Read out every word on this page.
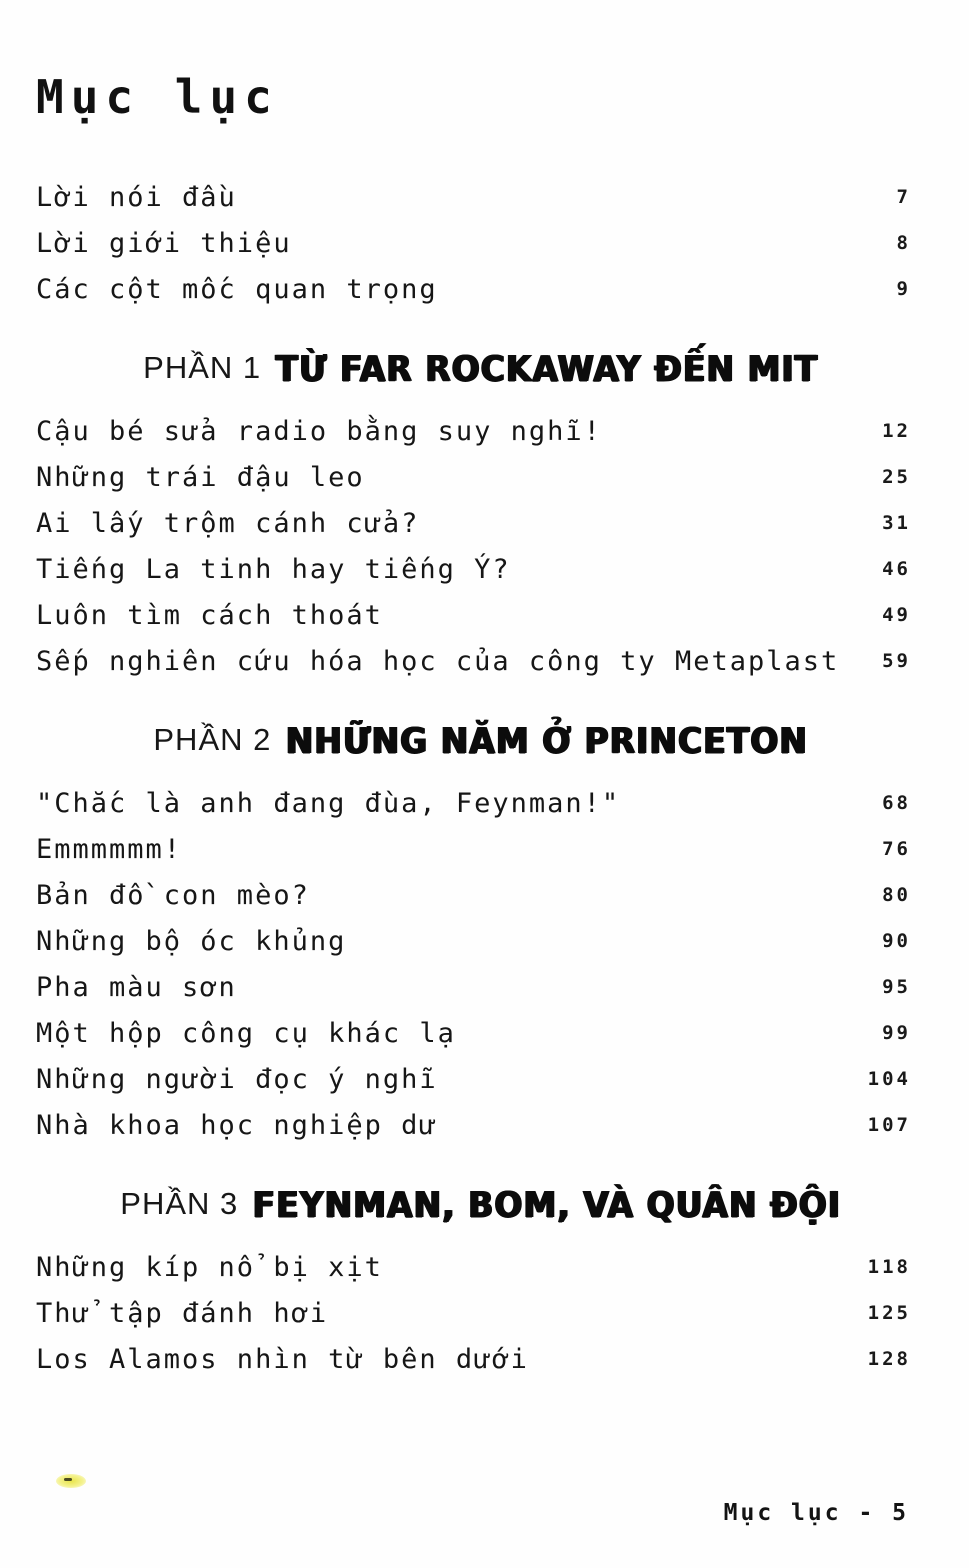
Mục lục
Lời nói đầu	7
Lời giới thiệu	8
Các cột mốc quan trọng	9
PHẦN 1 TỪ FAR ROCKAWAY ĐẾN MIT
Cậu bé sửa radio bằng suy nghĩ!	12
Những trái đậu leo	25
Ai lấy trộm cánh cửa?	31
Tiếng La tinh hay tiếng Ý?	46
Luôn tìm cách thoát	49
Sếp nghiên cứu hóa học của công ty Metaplast 59
PHẦN 2 NHỮNG NĂM Ở PRINCETON
"Chắc là anh đang đùa, Feynman!"	68
Emmmmmm!	76
Bản đồ con mèo?	80
Những bộ óc khủng	90
Pha màu sơn	95
Một hộp công cụ khác lạ	99
Những người đọc ý nghĩ	104
Nhà khoa học nghiệp dư	107
PHẦN 3 FEYNMAN, BOM, VÀ QUÂN ĐỘI
Những kíp nổ bị xịt	118
Thử tập đánh hơi	125
Los Alamos nhìn từ bên dưới	128
Mục lục - 5
